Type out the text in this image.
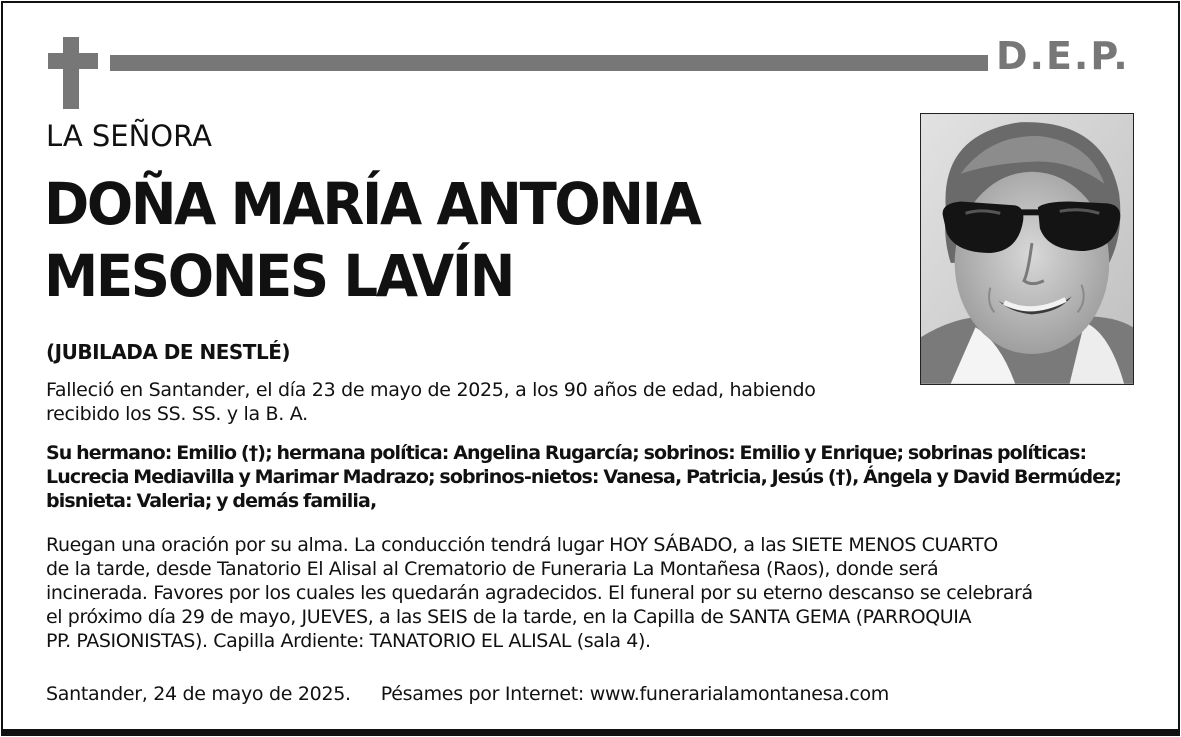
D.E.P.
LA SEÑORA
DOÑA MARÍA ANTONIA
MESONES LAVÍN
(JUBILADA DE NESTLÉ)
Falleció en Santander, el día 23 de mayo de 2025, a los 90 años de edad, habiendo
recibido los SS. SS. y la B. A.
Su hermano: Emilio (†); hermana política: Angelina Rugarcía; sobrinos: Emilio y Enrique; sobrinas políticas:
Lucrecia Mediavilla y Marimar Madrazo; sobrinos-nietos: Vanesa, Patricia, Jesús (†), Ángela y David Bermúdez;
bisnieta: Valeria; y demás familia,
Ruegan una oración por su alma. La conducción tendrá lugar HOY SÁBADO, a las SIETE MENOS CUARTO
de la tarde, desde Tanatorio El Alisal al Crematorio de Funeraria La Montañesa (Raos), donde será
incinerada. Favores por los cuales les quedarán agradecidos. El funeral por su eterno descanso se celebrará
el próximo día 29 de mayo, JUEVES, a las SEIS de la tarde, en la Capilla de SANTA GEMA (PARROQUIA
PP. PASIONISTAS). Capilla Ardiente: TANATORIO EL ALISAL (sala 4).
Santander, 24 de mayo de 2025. Pésames por Internet: www.funerarialamontanesa.com
